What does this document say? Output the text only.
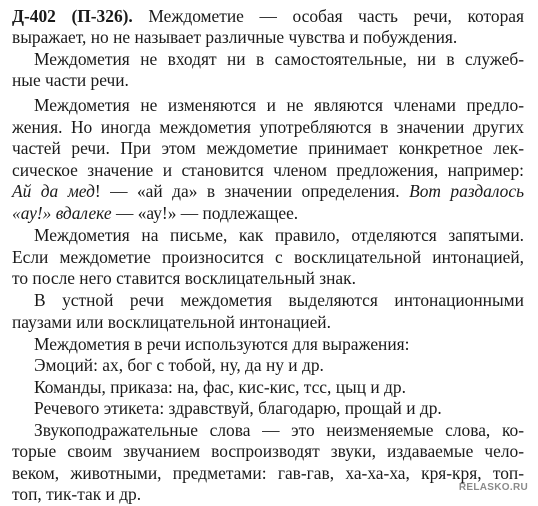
Д-402 (П-326). Междометие — особая часть речи, которая
выражает, но не называет различные чувства и побуждения.
Междометия не входят ни в самостоятельные, ни в служеб-
ные части речи.
Междометия не изменяются и не являются членами предло-
жения. Но иногда междометия употребляются в значении других
частей речи. При этом междометие принимает конкретное лек-
сическое значение и становится членом предложения, например:
Ай да мед! — «ай да» в значении определения. Вот раздалось
«ау!» вдалеке — «ау!» — подлежащее.
Междометия на письме, как правило, отделяются запятыми.
Если междометие произносится с восклицательной интонацией,
то после него ставится восклицательный знак.
В устной речи междометия выделяются интонационными
паузами или восклицательной интонацией.
Междометия в речи используются для выражения:
Эмоций: ах, бог с тобой, ну, да ну и др.
Команды, приказа: на, фас, кис-кис, тсс, цыц и др.
Речевого этикета: здравствуй, благодарю, прощай и др.
Звукоподражательные слова — это неизменяемые слова, ко-
торые своим звучанием воспроизводят звуки, издаваемые чело-
веком, животными, предметами: гав-гав, ха-ха-ха, кря-кря, топ-
топ, тик-так и др.	RELASKO.RU
